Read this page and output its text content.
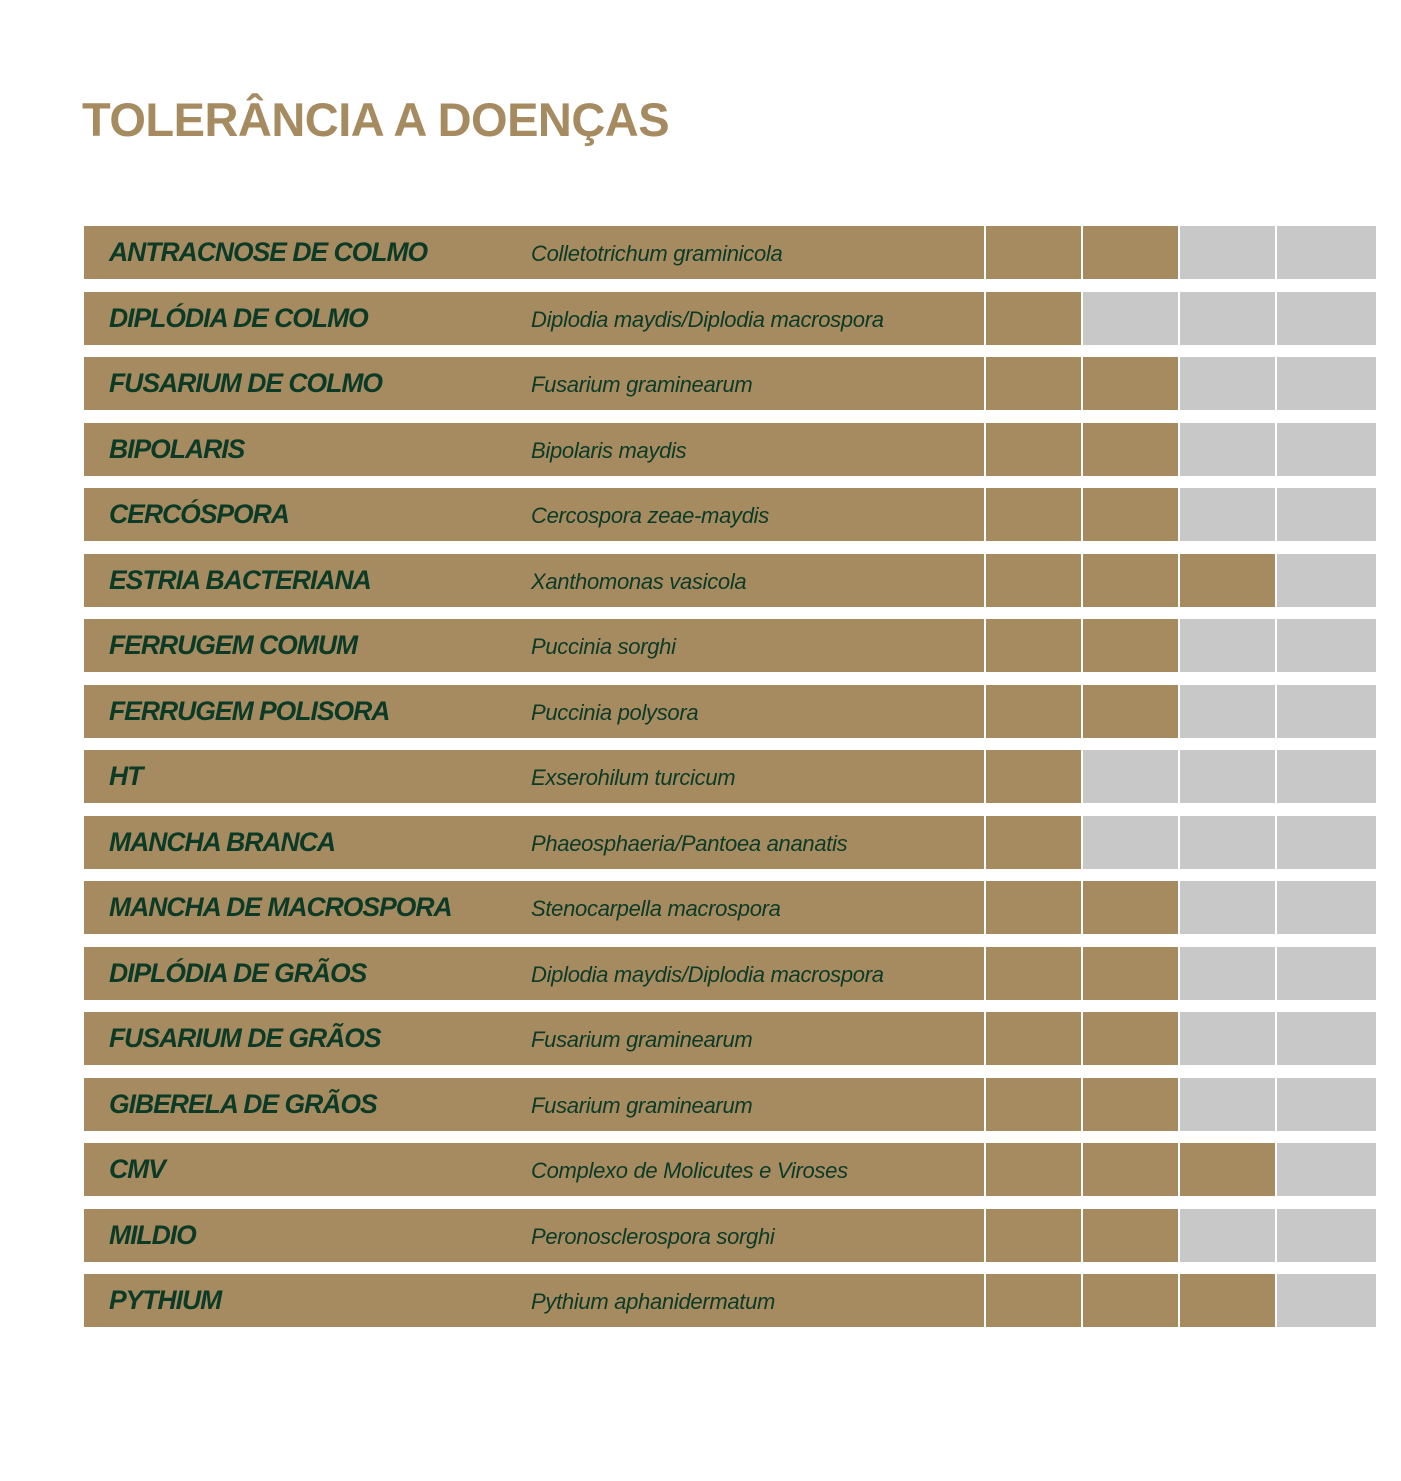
TOLERÂNCIA A DOENÇAS
ANTRACNOSE DE COLMO	Colletotrichum graminicola
DIPLÓDIA DE COLMO	Diplodia maydis/Diplodia macrospora
FUSARIUM DE COLMO	Fusarium graminearum
BIPOLARIS	Bipolaris maydis
CERCÓSPORA	Cercospora zeae-maydis
ESTRIA BACTERIANA	Xanthomonas vasicola
FERRUGEM COMUM	Puccinia sorghi
FERRUGEM POLISORA	Puccinia polysora
HT	Exserohilum turcicum
MANCHA BRANCA	Phaeosphaeria/Pantoea ananatis
MANCHA DE MACROSPORA	Stenocarpella macrospora
DIPLÓDIA DE GRÃOS	Diplodia maydis/Diplodia macrospora
FUSARIUM DE GRÃOS	Fusarium graminearum
GIBERELA DE GRÃOS	Fusarium graminearum
CMV	Complexo de Molicutes e Viroses
MILDIO	Peronosclerospora sorghi
PYTHIUM	Pythium aphanidermatum
